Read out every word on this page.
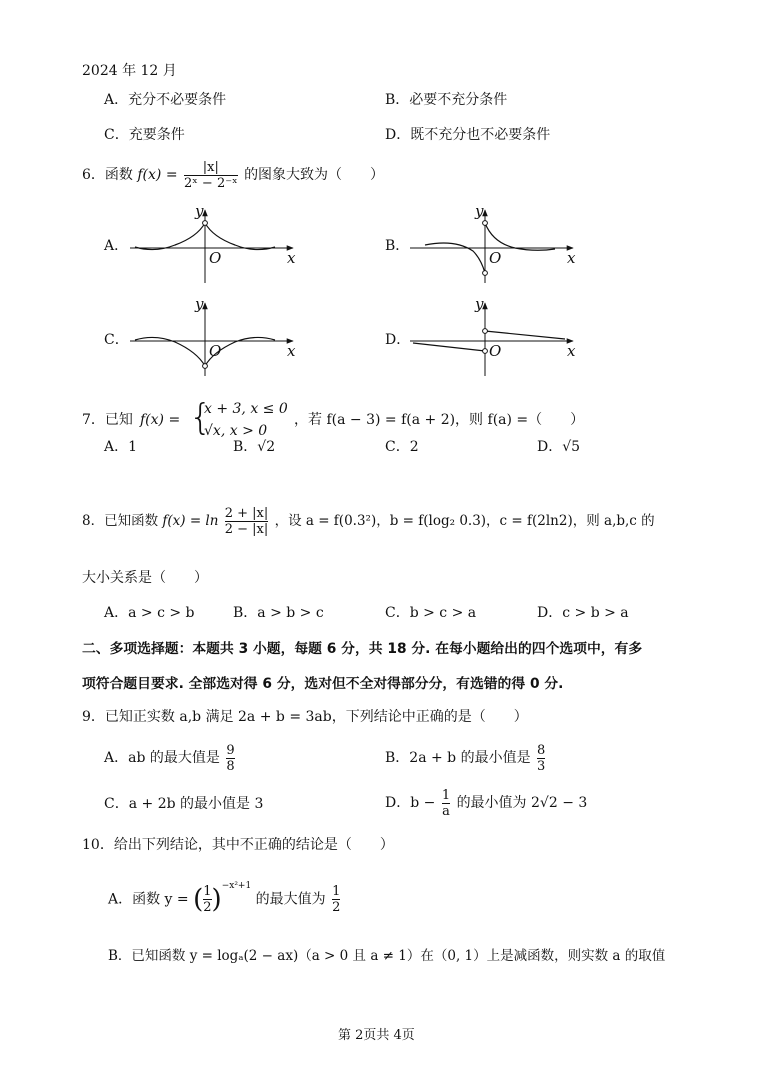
2024 年 12 月
A．充分不必要条件	B．必要不充分条件
C．充要条件	D．既不充分也不必要条件
6．函数 $f(x) = \frac{|x|}{\text{2ˣ − 2⁻ˣ}}$ 的图象大致为（　　）
A．	B．
C．	D．
y
x
O
y
x
O
y
x
O
y
x
O
7．已知 f(x) = {
x + 3, x ≤ 0
√x, x > 0
，若 f(a − 3) = f(a + 2)，则 f(a) =（　　）
A．1	B．√2	C．2	D．√5
8．已知函数 $f(x) = \ln \frac{2 + |x|}{2 - |x|}$ ，设 a = f(0.3²)，b = f(log₂ 0.3)，c = f(2ln2)，则 a,b,c 的
大小关系是（　　）
A．a > c > b	B．a > b > c	C．b > c > a	D．c > b > a
二、多项选择题：本题共 3 小题，每题 6 分，共 18 分. 在每小题给出的四个选项中，有多
项符合题目要求. 全部选对得 6 分，选对但不全对得部分分，有选错的得 0 分.
9．已知正实数 a,b 满足 2a + b = 3ab，下列结论中正确的是（　　）
A．ab 的最大值是 $\frac{9}{8}$	B．2a + b 的最小值是 $\frac{8}{3}$
C．a + 2b 的最小值是 3	D．$b - \frac{1}{a}$ 的最小值为 2√2 − 3
10．给出下列结论，其中不正确的结论是（　　）
A．函数 y = ( $\frac{1}{2} )^{-x^2+1}$ 的最大值为 $\frac{1}{2}$
B．已知函数 y = logₐ(2 − ax)（a > 0 且 a ≠ 1）在（0, 1）上是减函数，则实数 a 的取值
第 2页共 4页
